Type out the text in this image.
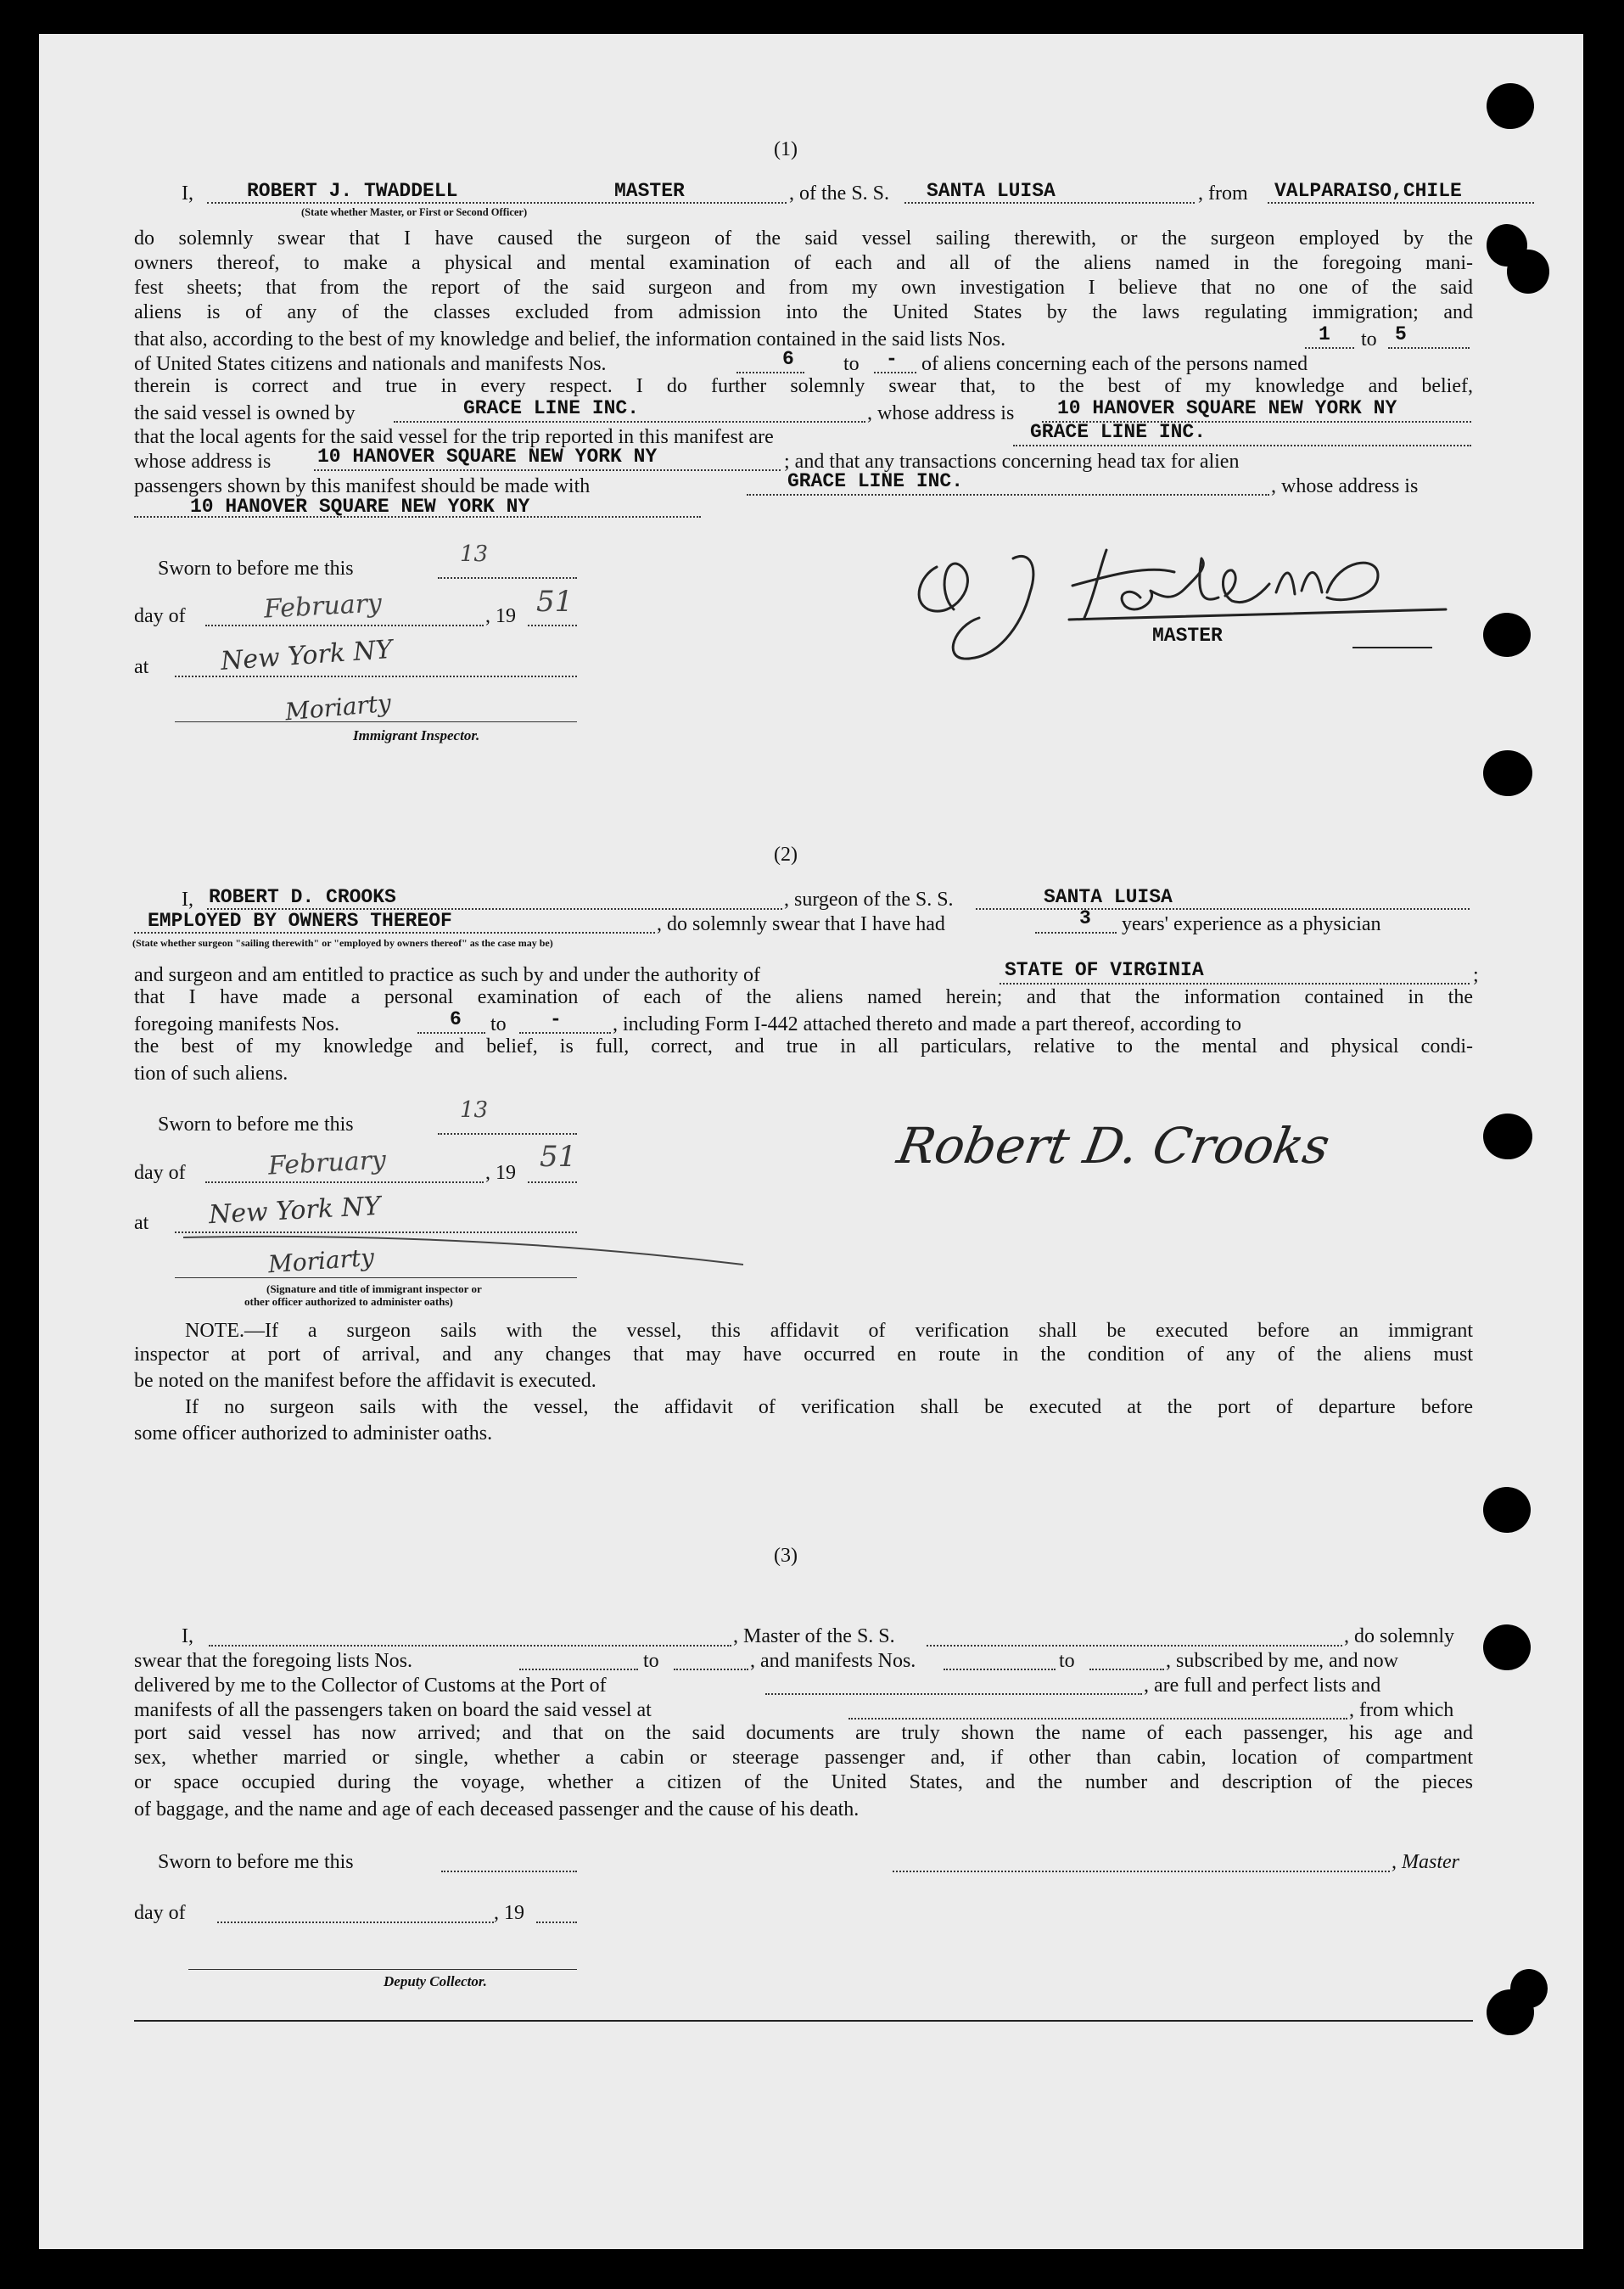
(1)
I,	ROBERT J. TWADDELL	MASTER
(State whether Master, or First or Second Officer)
, of the S. S. SANTA LUISA	, from VALPARAISO,CHILE
do solemnly swear that I have caused the surgeon of the said vessel sailing therewith, or the surgeon employed by the
owners thereof, to make a physical and mental examination of each and all of the aliens named in the foregoing mani-
fest sheets; that from the report of the said surgeon and from my own investigation I believe that no one of the said
aliens is of any of the classes excluded from admission into the United States by the laws regulating immigration; and
that also, according to the best of my knowledge and belief, the information contained in the said lists Nos.	1 to 5
of United States citizens and nationals and manifests Nos.	6 to - of aliens concerning each of the persons named
therein is correct and true in every respect. I do further solemnly swear that, to the best of my knowledge and belief,
the said vessel is owned by	GRACE LINE INC.	, whose address is 10 HANOVER SQUARE NEW YORK NY
that the local agents for the said vessel for the trip reported in this manifest are	GRACE LINE INC.
whose address is 10 HANOVER SQUARE NEW YORK NY	; and that any transactions concerning head tax for alien
passengers shown by this manifest should be made with	GRACE LINE INC.	, whose address is
10 HANOVER SQUARE NEW YORK NY
Sworn to before me this
13
day of	February	, 19 51
at	New York NY
Moriarty
Immigrant Inspector.
R J Twaddell
MASTER
(2)
I, ROBERT D. CROOKS	, surgeon of the S. S.	SANTA LUISA
EMPLOYED BY OWNERS THEREOF	, do solemnly swear that I have had	3 years' experience as a physician
(State whether surgeon "sailing therewith" or "employed by owners thereof" as the case may be)
and surgeon and am entitled to practice as such by and under the authority of	STATE OF VIRGINIA	;
that I have made a personal examination of each of the aliens named herein; and that the information contained in the
foregoing manifests Nos.	6 to -	, including Form I-442 attached thereto and made a part thereof, according to
the best of my knowledge and belief, is full, correct, and true in all particulars, relative to the mental and physical condi-
tion of such aliens.
Robert D. Crooks
Sworn to before me this
13
day of	February	, 19 51
at New York NY
Moriarty
(Signature and title of immigrant inspector or
other officer authorized to administer oaths)
NOTE.—If a surgeon sails with the vessel, this affidavit of verification shall be executed before an immigrant
inspector at port of arrival, and any changes that may have occurred en route in the condition of any of the aliens must
be noted on the manifest before the affidavit is executed.
If no surgeon sails with the vessel, the affidavit of verification shall be executed at the port of departure before
some officer authorized to administer oaths.
(3)
I,	, Master of the S. S.	, do solemnly
swear that the foregoing lists Nos.	to	, and manifests Nos.	to	, subscribed by me, and now
delivered by me to the Collector of Customs at the Port of	, are full and perfect lists and
manifests of all the passengers taken on board the said vessel at	, from which
port said vessel has now arrived; and that on the said documents are truly shown the name of each passenger, his age and
sex, whether married or single, whether a cabin or steerage passenger and, if other than cabin, location of compartment
or space occupied during the voyage, whether a citizen of the United States, and the number and description of the pieces
of baggage, and the name and age of each deceased passenger and the cause of his death.
Sworn to before me this	, Master
day of	, 19
Deputy Collector.
